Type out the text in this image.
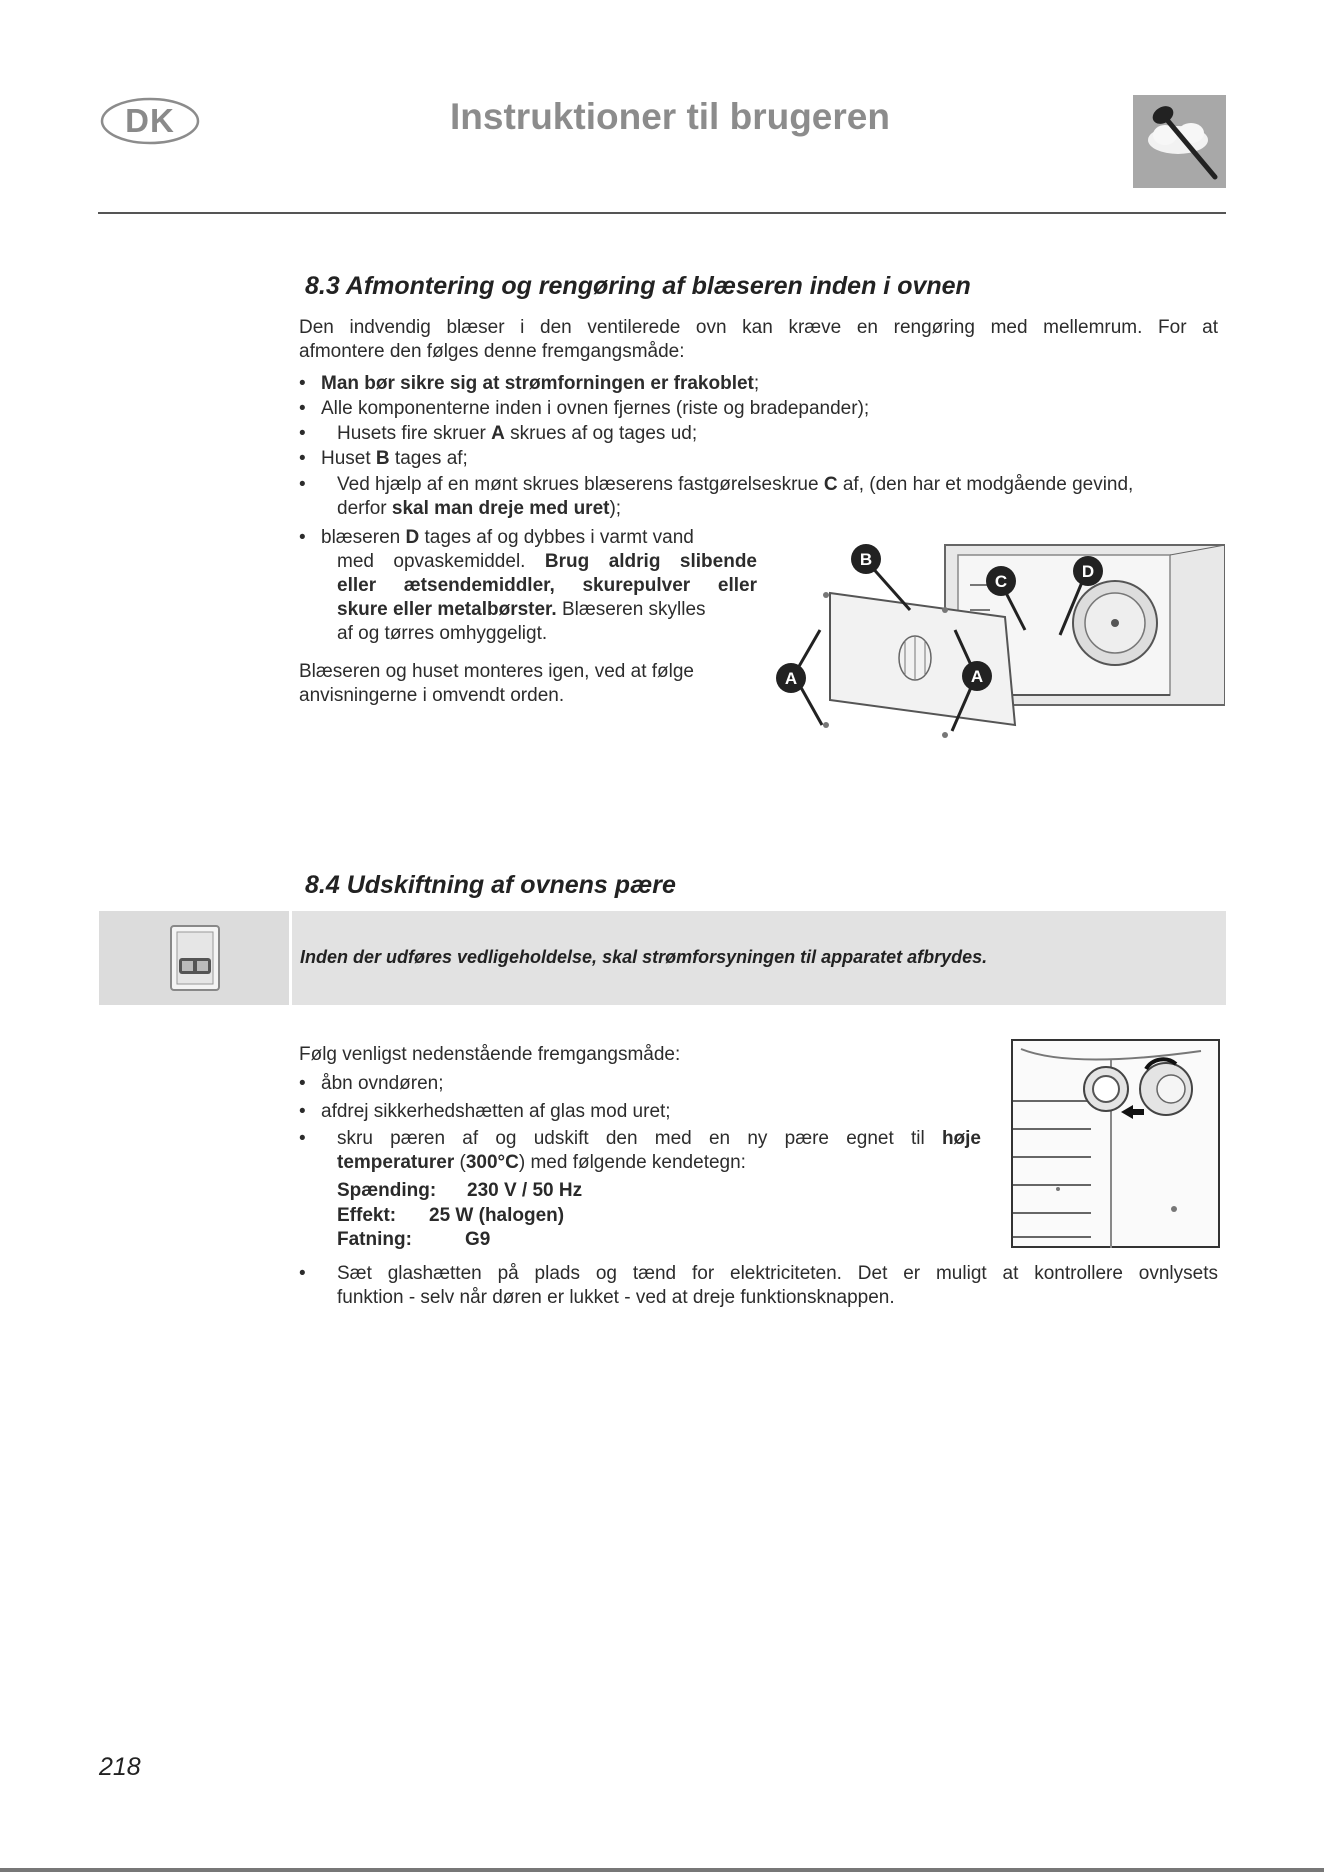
DK	Instruktioner til brugeren
8.3 Afmontering og rengøring af blæseren inden i ovnen
Den indvendig blæser i den ventilerede ovn kan kræve en rengøring med mellemrum. For at
afmontere den følges denne fremgangsmåde:
• Man bør sikre sig at strømforningen er frakoblet;
• Alle komponenterne inden i ovnen fjernes (riste og bradepander);
• Husets fire skruer A skrues af og tages ud;
• Huset B tages af;
• Ved hjælp af en mønt skrues blæserens fastgørelseskrue C af, (den har et modgående gevind,
derfor skal man dreje med uret);
• blæseren D tages af og dybbes i varmt vand
med opvaskemiddel. Brug aldrig slibende
eller ætsendemiddler, skurepulver eller
skure eller metalbørster. Blæseren skylles
af og tørres omhyggeligt.
Blæseren og huset monteres igen, ved at følge
anvisningerne i omvendt orden.
B
C
D
A	A
8.4 Udskiftning af ovnens pære
Inden der udføres vedligeholdelse, skal strømforsyningen til apparatet afbrydes.
Følg venligst nedenstående fremgangsmåde:
• åbn ovndøren;
• afdrej sikkerhedshætten af glas mod uret;
• skru pæren af og udskift den med en ny pære egnet til høje
temperaturer (300°C) med følgende kendetegn:
Spænding: 230 V / 50 Hz
Effekt: 25 W (halogen)
Fatning:	G9
• Sæt glashætten på plads og tænd for elektriciteten. Det er muligt at kontrollere ovnlysets
funktion - selv når døren er lukket - ved at dreje funktionsknappen.
218
